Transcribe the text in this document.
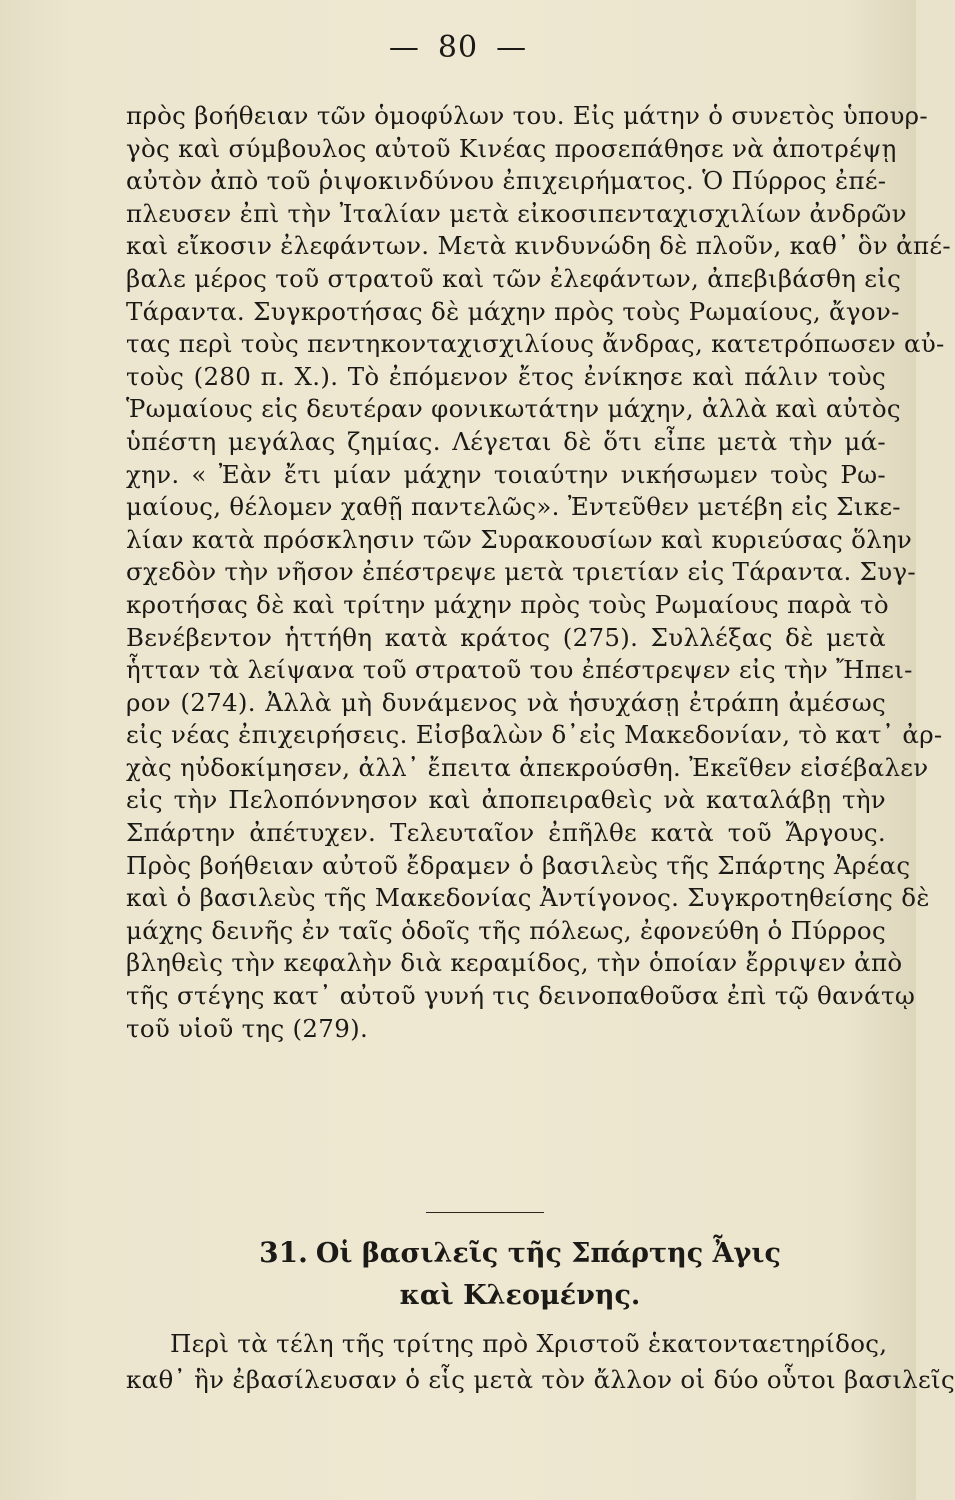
— 80 —

πρὸς βοήθειαν τῶν ὁμοφύλων του. Εἰς μάτην ὁ συνετὸς ὑπουρ-
γὸς καὶ σύμβουλος αὐτοῦ Κινέας προσεπάθησε νὰ ἀποτρέψῃ
αὐτὸν ἀπὸ τοῦ ῥιψοκινδύνου ἐπιχειρήματος. Ὁ Πύρρος ἐπέ-
πλευσεν ἐπὶ τὴν Ἰταλίαν μετὰ εἰκοσιπενταχισχιλίων ἀνδρῶν
καὶ εἴκοσιν ἐλεφάντων. Μετὰ κινδυνώδη δὲ πλοῦν, καθ᾿ ὃν ἀπέ-
βαλε μέρος τοῦ στρατοῦ καὶ τῶν ἐλεφάντων, ἀπεβιβάσθη εἰς
Τάραντα. Συγκροτήσας δὲ μάχην πρὸς τοὺς Ρωμαίους, ἄγον-
τας περὶ τοὺς πεντηκονταχισχιλίους ἄνδρας, κατετρόπωσεν αὐ-
τοὺς (280 π. Χ.). Τὸ ἐπόμενον ἔτος ἐνίκησε καὶ πάλιν τοὺς
Ῥωμαίους εἰς δευτέραν φονικωτάτην μάχην, ἀλλὰ καὶ αὐτὸς
ὑπέστη μεγάλας ζημίας. Λέγεται δὲ ὅτι εἶπε μετὰ τὴν μά-
χην. « Ἐὰν ἔτι μίαν μάχην τοιαύτην νικήσωμεν τοὺς Ρω-
μαίους, θέλομεν χαθῇ παντελῶς». Ἐντεῦθεν μετέβη εἰς Σικε-
λίαν κατὰ πρόσκλησιν τῶν Συρακουσίων καὶ κυριεύσας ὅλην
σχεδὸν τὴν νῆσον ἐπέστρεψε μετὰ τριετίαν εἰς Τάραντα. Συγ-
κροτήσας δὲ καὶ τρίτην μάχην πρὸς τοὺς Ρωμαίους παρὰ τὸ
Βενέβεντον ἡττήθη κατὰ κράτος (275). Συλλέξας δὲ μετὰ
ἧτταν τὰ λείψανα τοῦ στρατοῦ του ἐπέστρεψεν εἰς τὴν Ἤπει-
ρον (274). Ἀλλὰ μὴ δυνάμενος νὰ ἡσυχάσῃ ἐτράπη ἀμέσως
εἰς νέας ἐπιχειρήσεις. Εἰσβαλὼν δ᾿εἰς Μακεδονίαν, τὸ κατ᾿ ἀρ-
χὰς ηὐδοκίμησεν, ἀλλ᾿ ἔπειτα ἀπεκρούσθη. Ἐκεῖθεν εἰσέβαλεν
εἰς τὴν Πελοπόννησον καὶ ἀποπειραθεὶς νὰ καταλάβῃ τὴν
Σπάρτην ἀπέτυχεν. Τελευταῖον ἐπῆλθε κατὰ τοῦ Ἄργους.
Πρὸς βοήθειαν αὐτοῦ ἔδραμεν ὁ βασιλεὺς τῆς Σπάρτης Ἀρέας
καὶ ὁ βασιλεὺς τῆς Μακεδονίας Ἀντίγονος. Συγκροτηθείσης δὲ
μάχης δεινῆς ἐν ταῖς ὁδοῖς τῆς πόλεως, ἐφονεύθη ὁ Πύρρος
βληθεὶς τὴν κεφαλὴν διὰ κεραμίδος, τὴν ὁποίαν ἔρριψεν ἀπὸ
τῆς στέγης κατ᾿ αὐτοῦ γυνή τις δεινοπαθοῦσα ἐπὶ τῷ θανάτῳ
τοῦ υἱοῦ της (279).

31. Οἱ βασιλεῖς τῆς Σπάρτης Ἆγις
καὶ Κλεομένης.

Περὶ τὰ τέλη τῆς τρίτης πρὸ Χριστοῦ ἑκατονταετηρίδος,
καθ᾿ ἣν ἐβασίλευσαν ὁ εἷς μετὰ τὸν ἄλλον οἱ δύο οὗτοι βασιλεῖς
